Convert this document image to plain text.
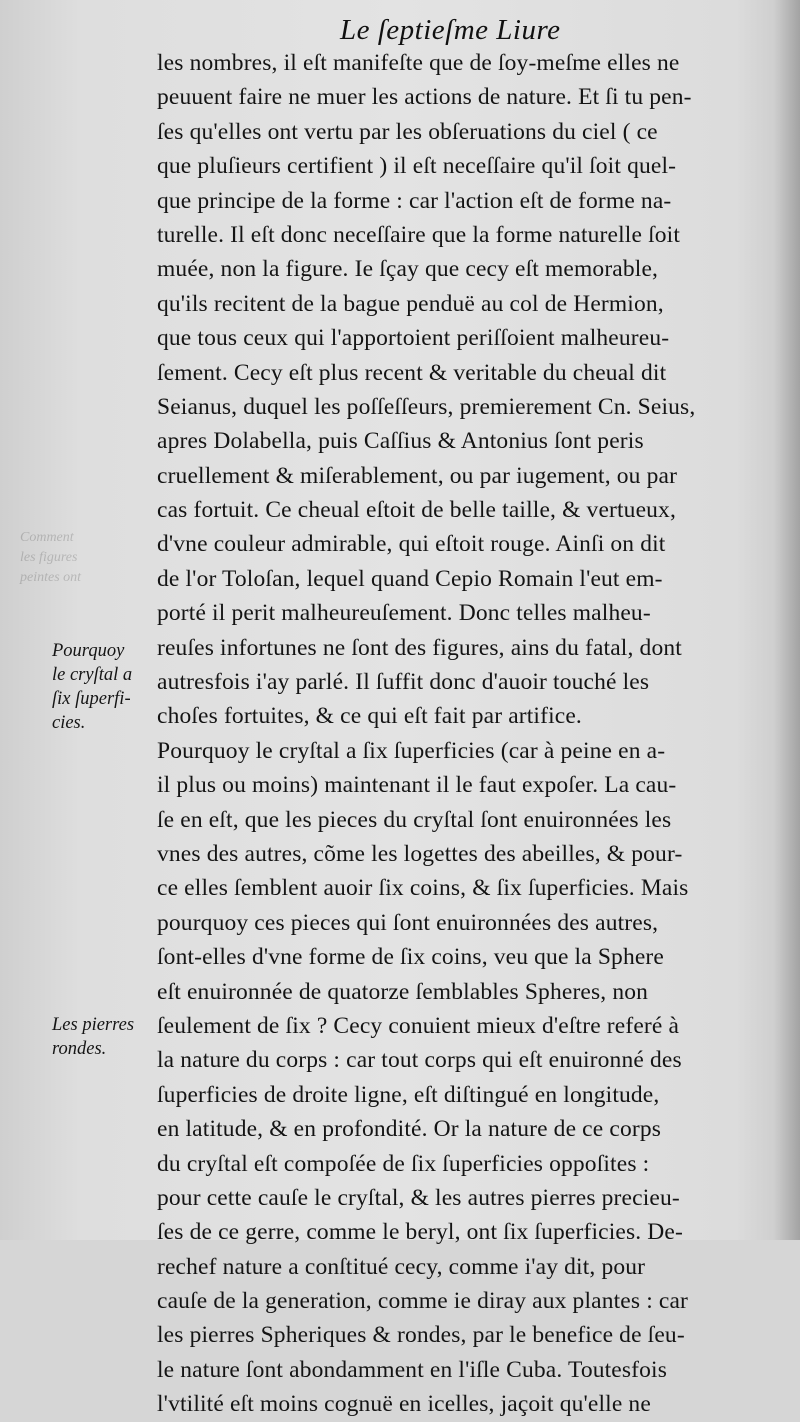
Le ſeptieſme Liure
Comment
les figures
peintes ont
les nombres, il eſt manifeſte que de ſoy-meſme elles ne
peuuent faire ne muer les actions de nature. Et ſi tu pen-
ſes qu'elles ont vertu par les obſeruations du ciel ( ce
que pluſieurs certifient ) il eſt neceſſaire qu'il ſoit quel-
que principe de la forme : car l'action eſt de forme na-
turelle. Il eſt donc neceſſaire que la forme naturelle ſoit
muée, non la figure. Ie ſçay que cecy eſt memorable,
qu'ils recitent de la bague penduë au col de Hermion,
que tous ceux qui l'apportoient periſſoient malheureu-
ſement. Cecy eſt plus recent & veritable du cheual dit
Seianus, duquel les poſſeſſeurs, premierement Cn. Seius,
apres Dolabella, puis Caſſius & Antonius ſont peris
cruellement & miſerablement, ou par iugement, ou par
cas fortuit. Ce cheual eſtoit de belle taille, & vertueux,
d'vne couleur admirable, qui eſtoit rouge. Ainſi on dit
de l'or Toloſan, lequel quand Cepio Romain l'eut em-
porté il perit malheureuſement. Donc telles malheu-
reuſes infortunes ne ſont des figures, ains du fatal, dont
autresfois i'ay parlé. Il ſuffit donc d'auoir touché les
choſes fortuites, & ce qui eſt fait par artifice.
Pourquoy le cryſtal a ſix ſuperficies (car à peine en a-
il plus ou moins) maintenant il le faut expoſer. La cau-
ſe en eſt, que les pieces du cryſtal ſont enuironnées les
vnes des autres, cõme les logettes des abeilles, & pour-
ce elles ſemblent auoir ſix coins, & ſix ſuperficies. Mais
pourquoy ces pieces qui ſont enuironnées des autres,
ſont-elles d'vne forme de ſix coins, veu que la Sphere
eſt enuironnée de quatorze ſemblables Spheres, non
ſeulement de ſix ? Cecy conuient mieux d'eſtre referé à
la nature du corps : car tout corps qui eſt enuironné des
ſuperficies de droite ligne, eſt diſtingué en longitude,
en latitude, & en profondité. Or la nature de ce corps
du cryſtal eſt compoſée de ſix ſuperficies oppoſites :
pour cette cauſe le cryſtal, & les autres pierres precieu-
ſes de ce gerre, comme le beryl, ont ſix ſuperficies. De-
rechef nature a conſtitué cecy, comme i'ay dit, pour
cauſe de la generation, comme ie diray aux plantes : car
les pierres Spheriques & rondes, par le benefice de ſeu-
le nature ſont abondamment en l'iſle Cuba. Toutesfois
l'vtilité eſt moins cognuë en icelles, jaçoit qu'elle ne
Pourquoy
le cryſtal a
ſix ſuperfi-
cies.
Les pierres
rondes.
